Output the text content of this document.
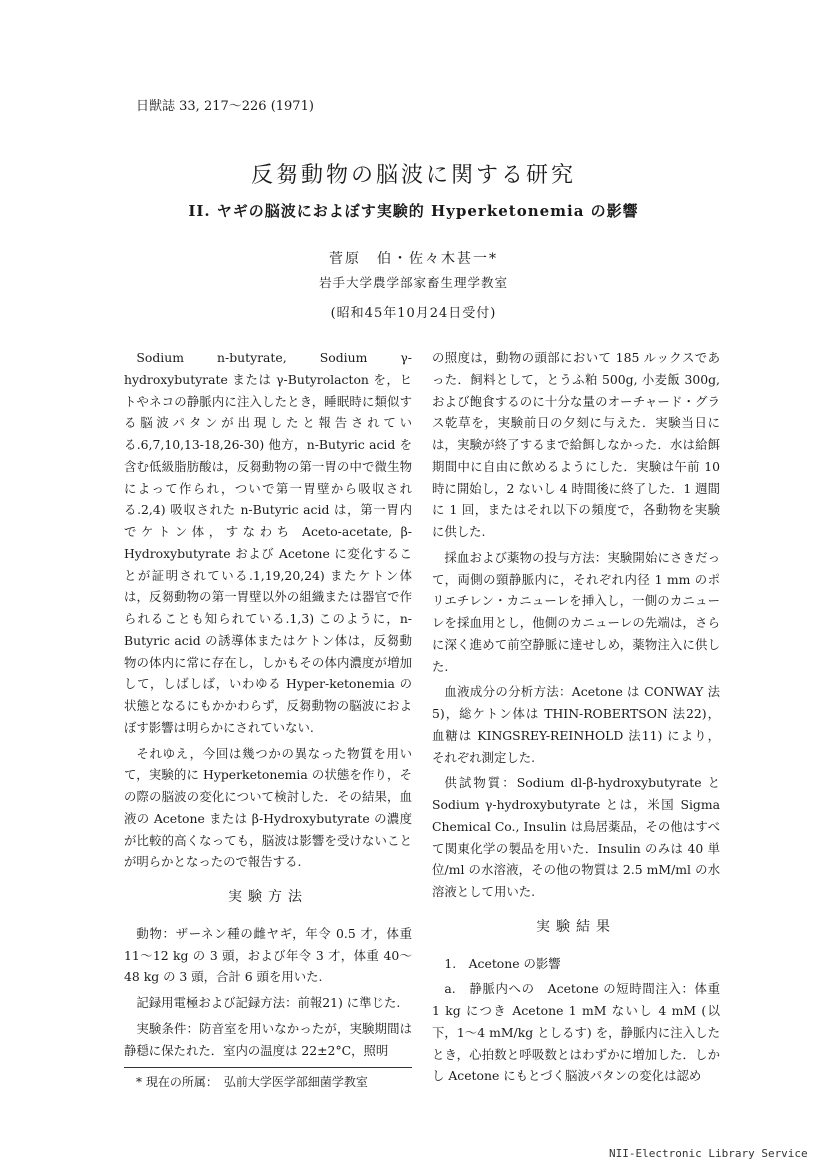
日獣誌 33, 217〜226 (1971)
反芻動物の脳波に関する研究
II. ヤギの脳波におよぼす実験的 Hyperketonemia の影響
菅原　伯・佐々木甚一*
岩手大学農学部家畜生理学教室
(昭和45年10月24日受付)

Sodium n-butyrate, Sodium γ-hydroxybutyrate または γ-Butyrolacton を，ヒトやネコの静脈内に注入したとき，睡眠時に類似する脳波パタンが出現したと報告されている.6,7,10,13-18,26-30) 他方，n-Butyric acid を含む低級脂肪酸は，反芻動物の第一胃の中で微生物によって作られ，ついで第一胃壁から吸収される.2,4) 吸収された n-Butyric acid は，第一胃内でケトン体，すなわち Aceto-acetate, β-Hydroxybutyrate および Acetone に変化することが証明されている.1,19,20,24) またケトン体は，反芻動物の第一胃壁以外の組織または器官で作られることも知られている.1,3) このように，n-Butyric acid の誘導体またはケトン体は，反芻動物の体内に常に存在し，しかもその体内濃度が増加して，しばしば，いわゆる Hyper-ketonemia の状態となるにもかかわらず，反芻動物の脳波におよぼす影響は明らかにされていない.

それゆえ，今回は幾つかの異なった物質を用いて，実験的に Hyperketonemia の状態を作り，その際の脳波の変化について検討した．その結果，血液の Acetone または β-Hydroxybutyrate の濃度が比較的高くなっても，脳波は影響を受けないことが明らかとなったので報告する.

実験方法

動物：ザーネン種の雌ヤギ，年令 0.5 才，体重 11〜12 kg の 3 頭，および年令 3 才，体重 40〜48 kg の 3 頭，合計 6 頭を用いた.

記録用電極および記録方法：前報21) に準じた.

実験条件：防音室を用いなかったが，実験期間は静穏に保たれた．室内の温度は 22±2°C，照明

* 現在の所属：　弘前大学医学部細菌学教室

の照度は，動物の頭部において 185 ルックスであった．飼料として，とうふ粕 500g, 小麦飯 300g, および飽食するのに十分な量のオーチャード・グラス乾草を，実験前日の夕刻に与えた．実験当日には，実験が終了するまで給餌しなかった．水は給餌期間中に自由に飲めるようにした．実験は午前 10時に開始し，2 ないし 4 時間後に終了した．1 週間に 1 回，またはそれ以下の頻度で，各動物を実験に供した.

採血および薬物の投与方法：実験開始にさきだって，両側の頸静脈内に，それぞれ内径 1 mm のポリエチレン・カニューレを挿入し，一側のカニューレを採血用とし，他側のカニューレの先端は，さらに深く進めて前空静脈に達せしめ，薬物注入に供した.

血液成分の分析方法：Acetone は CONWAY 法5)，総ケトン体は THIN-ROBERTSON 法22)，血糖は KINGSREY-REINHOLD 法11) により，それぞれ測定した.

供試物質：Sodium dl-β-hydroxybutyrate と Sodium γ-hydroxybutyrate とは，米国 Sigma Chemical Co., Insulin は鳥居薬品，その他はすべて関東化学の製品を用いた．Insulin のみは 40 単位/ml の水溶液，その他の物質は 2.5 mM/ml の水溶液として用いた.

実験結果

1.　Acetone の影響

a.　静脈内への　Acetone の短時間注入：体重 1 kg につき Acetone 1 mM ないし 4 mM (以下，1〜4 mM/kg としるす) を，静脈内に注入したとき，心拍数と呼吸数とはわずかに増加した．しかし Acetone にもとづく脳波パタンの変化は認め

NII-Electronic Library Service
